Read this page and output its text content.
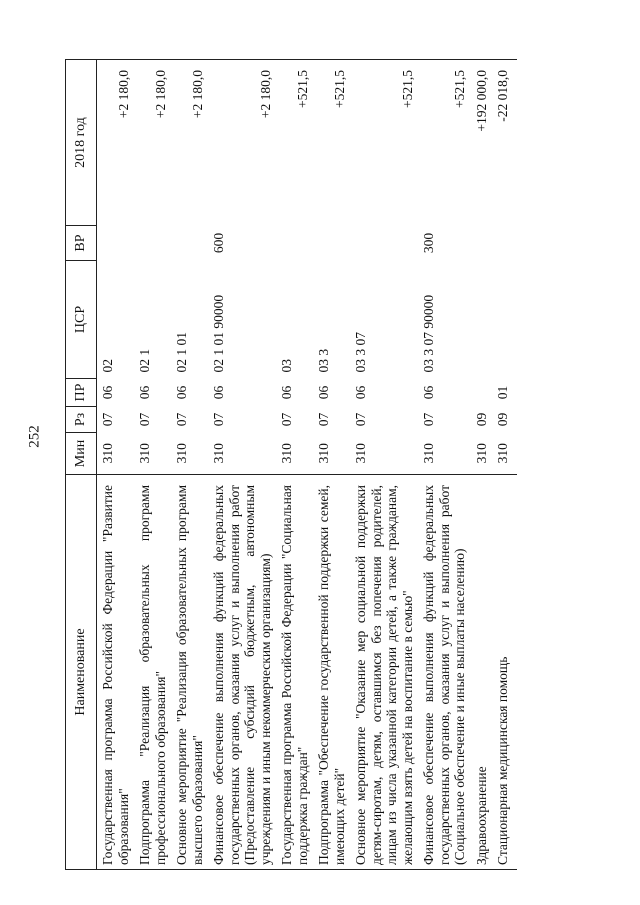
252
Наименование	Мин	Рз	ПР	ЦСР	ВР	2018 год
Государственная программа Российской Федерации "Развитие образования"	310	07	06	02		+2 180,0
Подпрограмма "Реализация образовательных программ профессионального образования"	310	07	06	02 1		+2 180,0
Основное мероприятие "Реализация образовательных программ высшего образования"	310	07	06	02 1 01		+2 180,0
Финансовое обеспечение выполнения функций федеральных государственных органов, оказания услуг и выполнения работ (Предоставление субсидий бюджетным, автономным учреждениям и иным некоммерческим организациям)	310	07	06	02 1 01 90000	600	+2 180,0
Государственная программа Российской Федерации "Социальная поддержка граждан"	310	07	06	03		+521,5
Подпрограмма "Обеспечение государственной поддержки семей, имеющих детей"	310	07	06	03 3		+521,5
Основное мероприятие "Оказание мер социальной поддержки детям-сиротам, детям, оставшимся без попечения родителей, лицам из числа указанной категории детей, а также гражданам, желающим взять детей на воспитание в семью"	310	07	06	03 3 07		+521,5
Финансовое обеспечение выполнения функций федеральных государственных органов, оказания услуг и выполнения работ (Социальное обеспечение и иные выплаты населению)	310	07	06	03 3 07 90000	300	+521,5
Здравоохранение	310	09				+192 000,0
Стационарная медицинская помощь	310	09	01			-22 018,0
